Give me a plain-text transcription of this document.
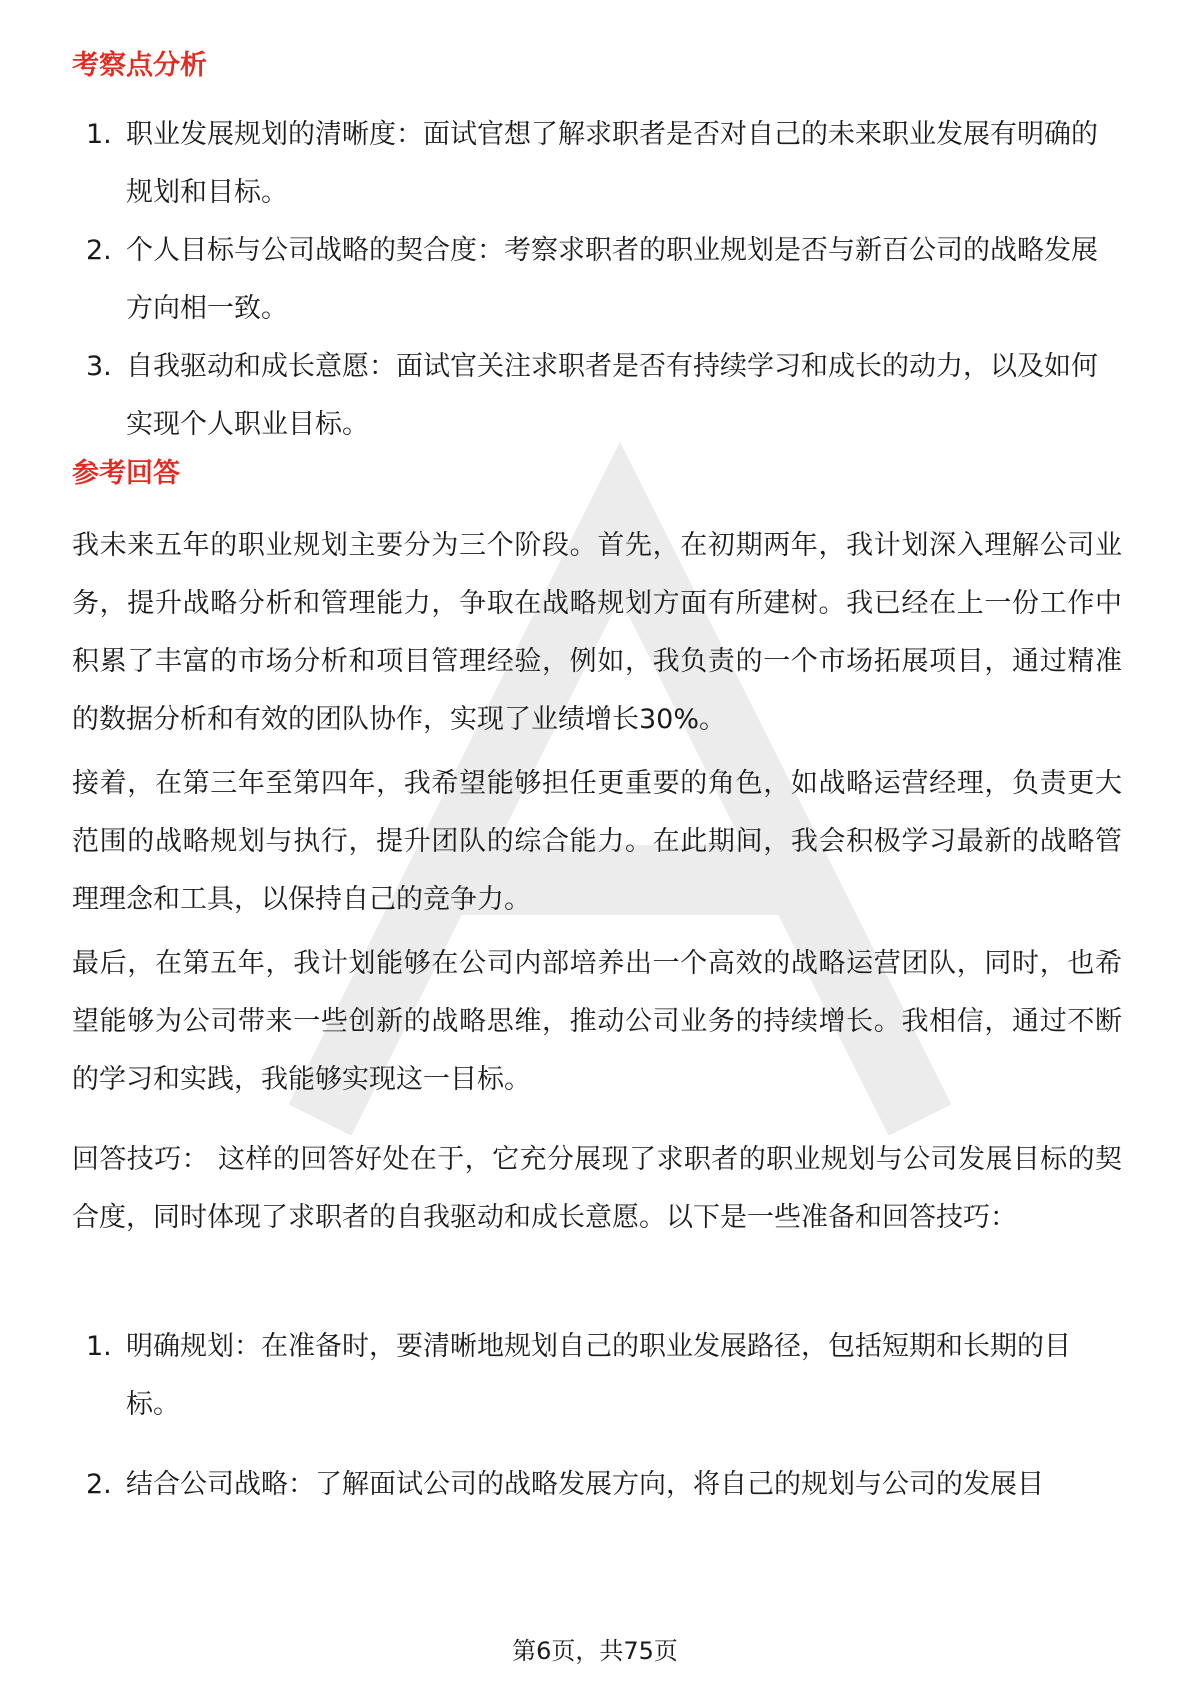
考察点分析
1. 职业发展规划的清晰度：面试官想了解求职者是否对自己的未来职业发展有明确的规划和目标。
2. 个人目标与公司战略的契合度：考察求职者的职业规划是否与新百公司的战略发展方向相一致。
3. 自我驱动和成长意愿：面试官关注求职者是否有持续学习和成长的动力，以及如何实现个人职业目标。
参考回答

我未来五年的职业规划主要分为三个阶段。首先，在初期两年，我计划深入理解公司业务，提升战略分析和管理能力，争取在战略规划方面有所建树。我已经在上一份工作中积累了丰富的市场分析和项目管理经验，例如，我负责的一个市场拓展项目，通过精准的数据分析和有效的团队协作，实现了业绩增长30%。

接着，在第三年至第四年，我希望能够担任更重要的角色，如战略运营经理，负责更大范围的战略规划与执行，提升团队的综合能力。在此期间，我会积极学习最新的战略管理理念和工具，以保持自己的竞争力。

最后，在第五年，我计划能够在公司内部培养出一个高效的战略运营团队，同时，也希望能够为公司带来一些创新的战略思维，推动公司业务的持续增长。我相信，通过不断的学习和实践，我能够实现这一目标。

回答技巧： 这样的回答好处在于，它充分展现了求职者的职业规划与公司发展目标的契合度，同时体现了求职者的自我驱动和成长意愿。以下是一些准备和回答技巧：

1. 明确规划：在准备时，要清晰地规划自己的职业发展路径，包括短期和长期的目标。
2. 结合公司战略：了解面试公司的战略发展方向，将自己的规划与公司的发展目
第6页，共75页
